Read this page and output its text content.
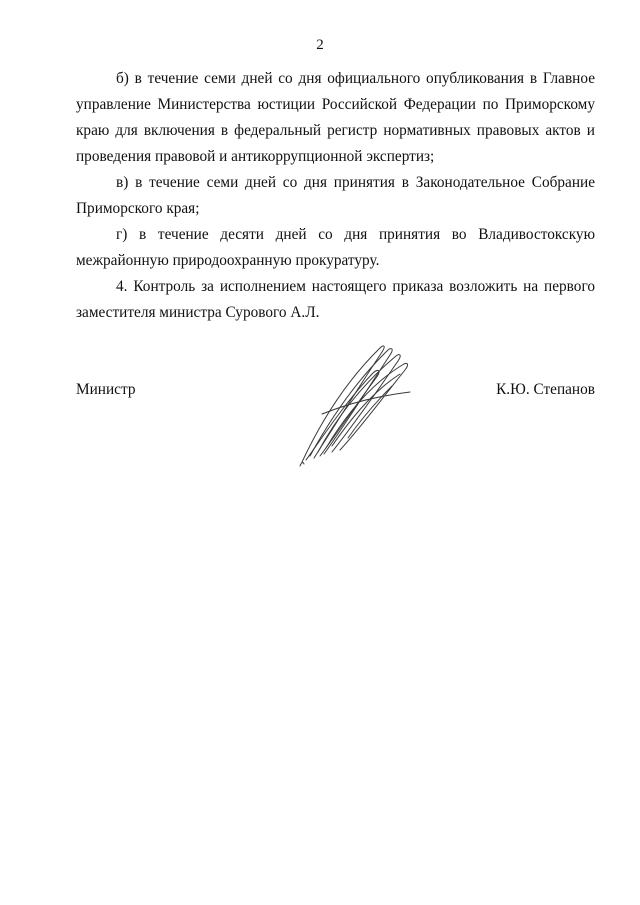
2

б) в течение семи дней со дня официального опубликования в Главное управление Министерства юстиции Российской Федерации по Приморскому краю для включения в федеральный регистр нормативных правовых актов и проведения правовой и антикоррупционной экспертиз;

в) в течение семи дней со дня принятия в Законодательное Собрание Приморского края;

г) в течение десяти дней со дня принятия во Владивостокскую межрайонную природоохранную прокуратуру.

4. Контроль за исполнением настоящего приказа возложить на первого заместителя министра Сурового А.Л.

Министр	К.Ю. Степанов
